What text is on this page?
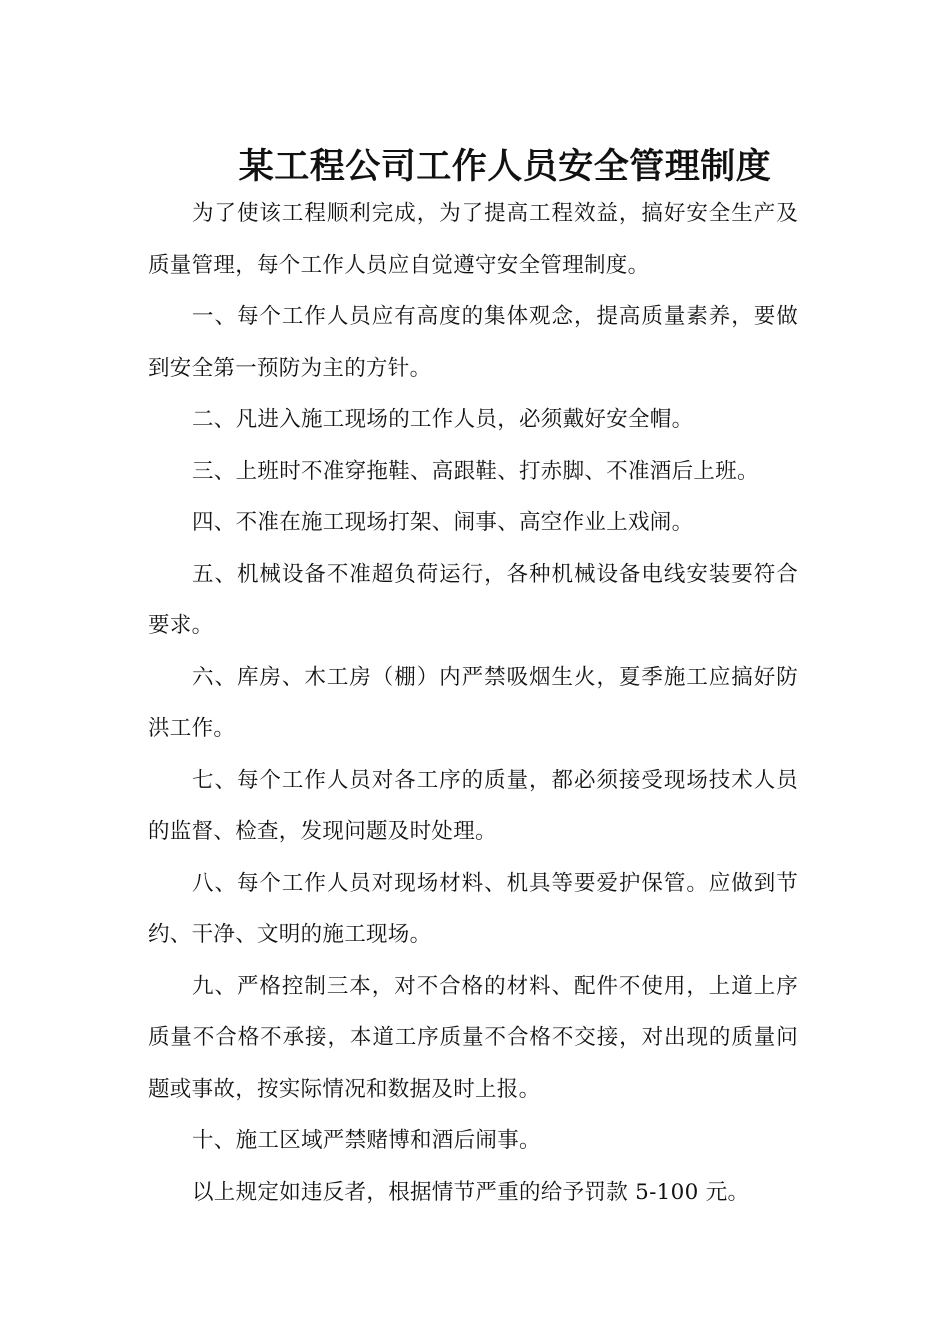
某工程公司工作人员安全管理制度

为了使该工程顺利完成，为了提高工程效益，搞好安全生产及质量管理，每个工作人员应自觉遵守安全管理制度。

一、每个工作人员应有高度的集体观念，提高质量素养，要做到安全第一预防为主的方针。

二、凡进入施工现场的工作人员，必须戴好安全帽。

三、上班时不准穿拖鞋、高跟鞋、打赤脚、不准酒后上班。

四、不准在施工现场打架、闹事、高空作业上戏闹。

五、机械设备不准超负荷运行，各种机械设备电线安装要符合要求。

六、库房、木工房（棚）内严禁吸烟生火，夏季施工应搞好防洪工作。

七、每个工作人员对各工序的质量，都必须接受现场技术人员的监督、检查，发现问题及时处理。

八、每个工作人员对现场材料、机具等要爱护保管。应做到节约、干净、文明的施工现场。

九、严格控制三本，对不合格的材料、配件不使用，上道上序质量不合格不承接，本道工序质量不合格不交接，对出现的质量问题或事故，按实际情况和数据及时上报。

十、施工区域严禁赌博和酒后闹事。

以上规定如违反者，根据情节严重的给予罚款 5-100 元。
